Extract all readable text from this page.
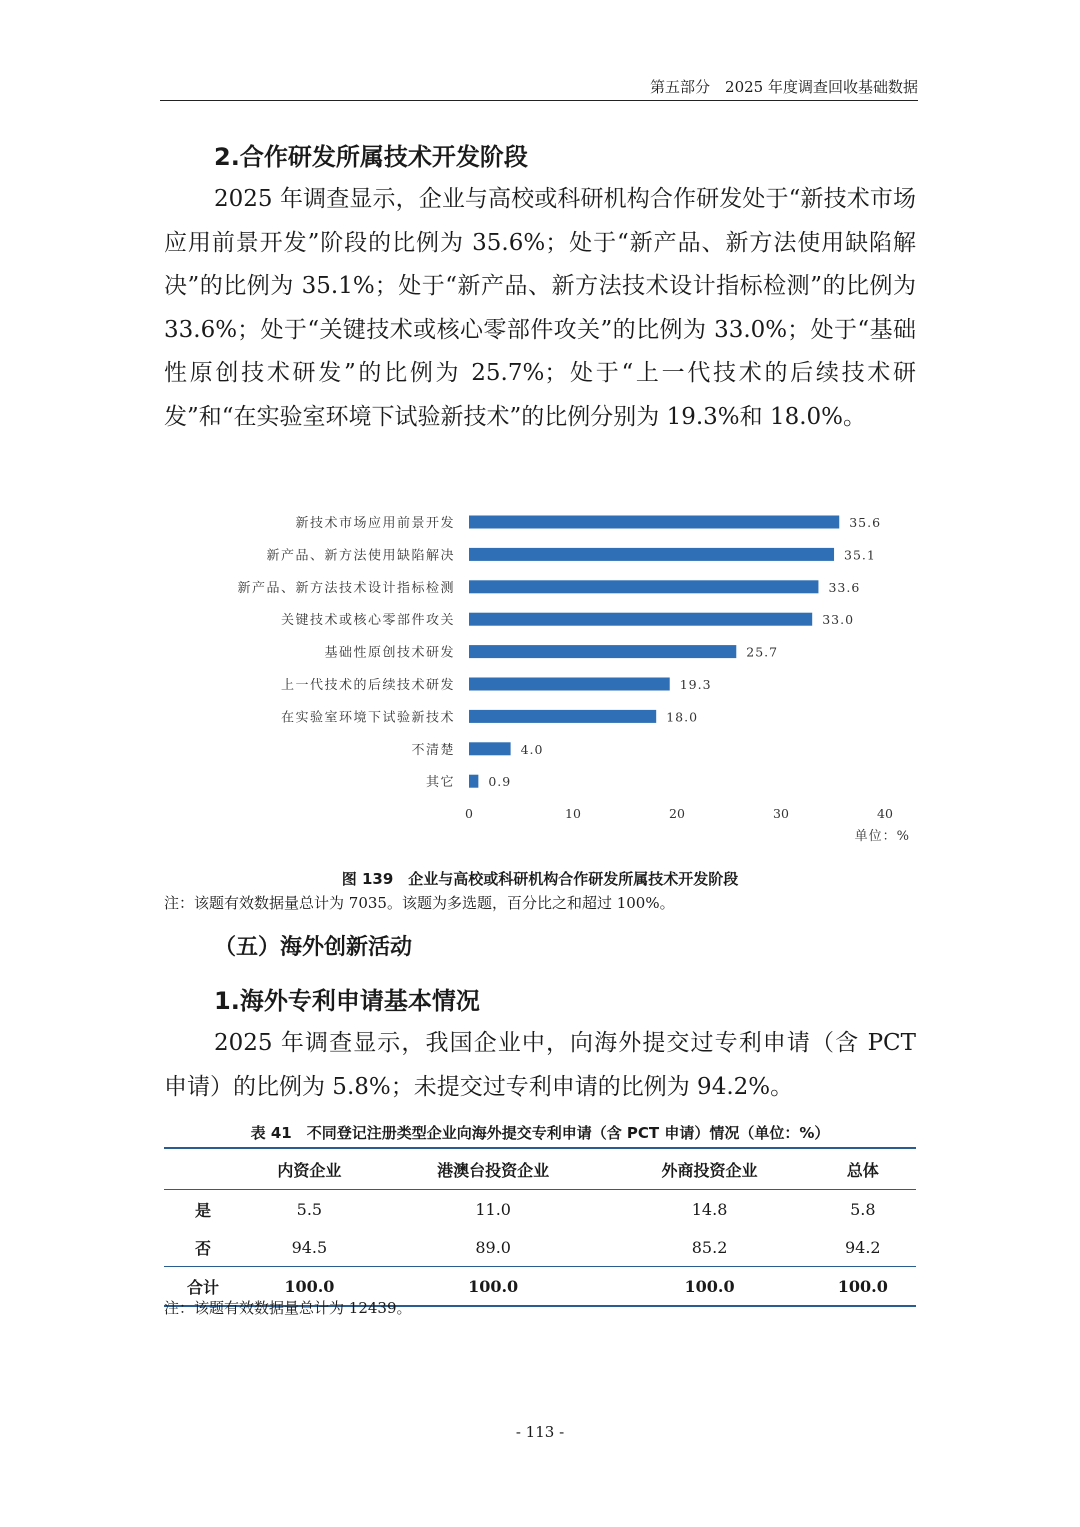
第五部分　2025 年度调查回收基础数据
2.合作研发所属技术开发阶段

2025 年调查显示，企业与高校或科研机构合作研发处于“新技术市场应用前景开发”阶段的比例为 35.6%；处于“新产品、新方法使用缺陷解决”的比例为 35.1%；处于“新产品、新方法技术设计指标检测”的比例为 33.6%；处于“关键技术或核心零部件攻关”的比例为 33.0%；处于“基础性原创技术研发”的比例为 25.7%；处于“上一代技术的后续技术研发”和“在实验室环境下试验新技术”的比例分别为 19.3%和 18.0%。

新技术市场应用前景开发	35.6
新产品、新方法使用缺陷解决	35.1
新产品、新方法技术设计指标检测	33.6
关键技术或核心零部件攻关	33.0
基础性原创技术研发	25.7
上一代技术的后续技术研发	19.3
在实验室环境下试验新技术	18.0
不清楚	4.0
其它	0.9
0	10	20	30	40
单位：%
图 139　企业与高校或科研机构合作研发所属技术开发阶段
注：该题有效数据量总计为 7035。该题为多选题，百分比之和超过 100%。
（五）海外创新活动
1.海外专利申请基本情况

2025 年调查显示，我国企业中，向海外提交过专利申请（含 PCT 申请）的比例为 5.8%；未提交过专利申请的比例为 94.2%。

表 41　不同登记注册类型企业向海外提交专利申请（含 PCT 申请）情况（单位：%）
	内资企业	港澳台投资企业	外商投资企业	总体
是	5.5	11.0	14.8	5.8
否	94.5	89.0	85.2	94.2
合计	100.0	100.0	100.0	100.0
注：该题有效数据量总计为 12439。
- 113 -
